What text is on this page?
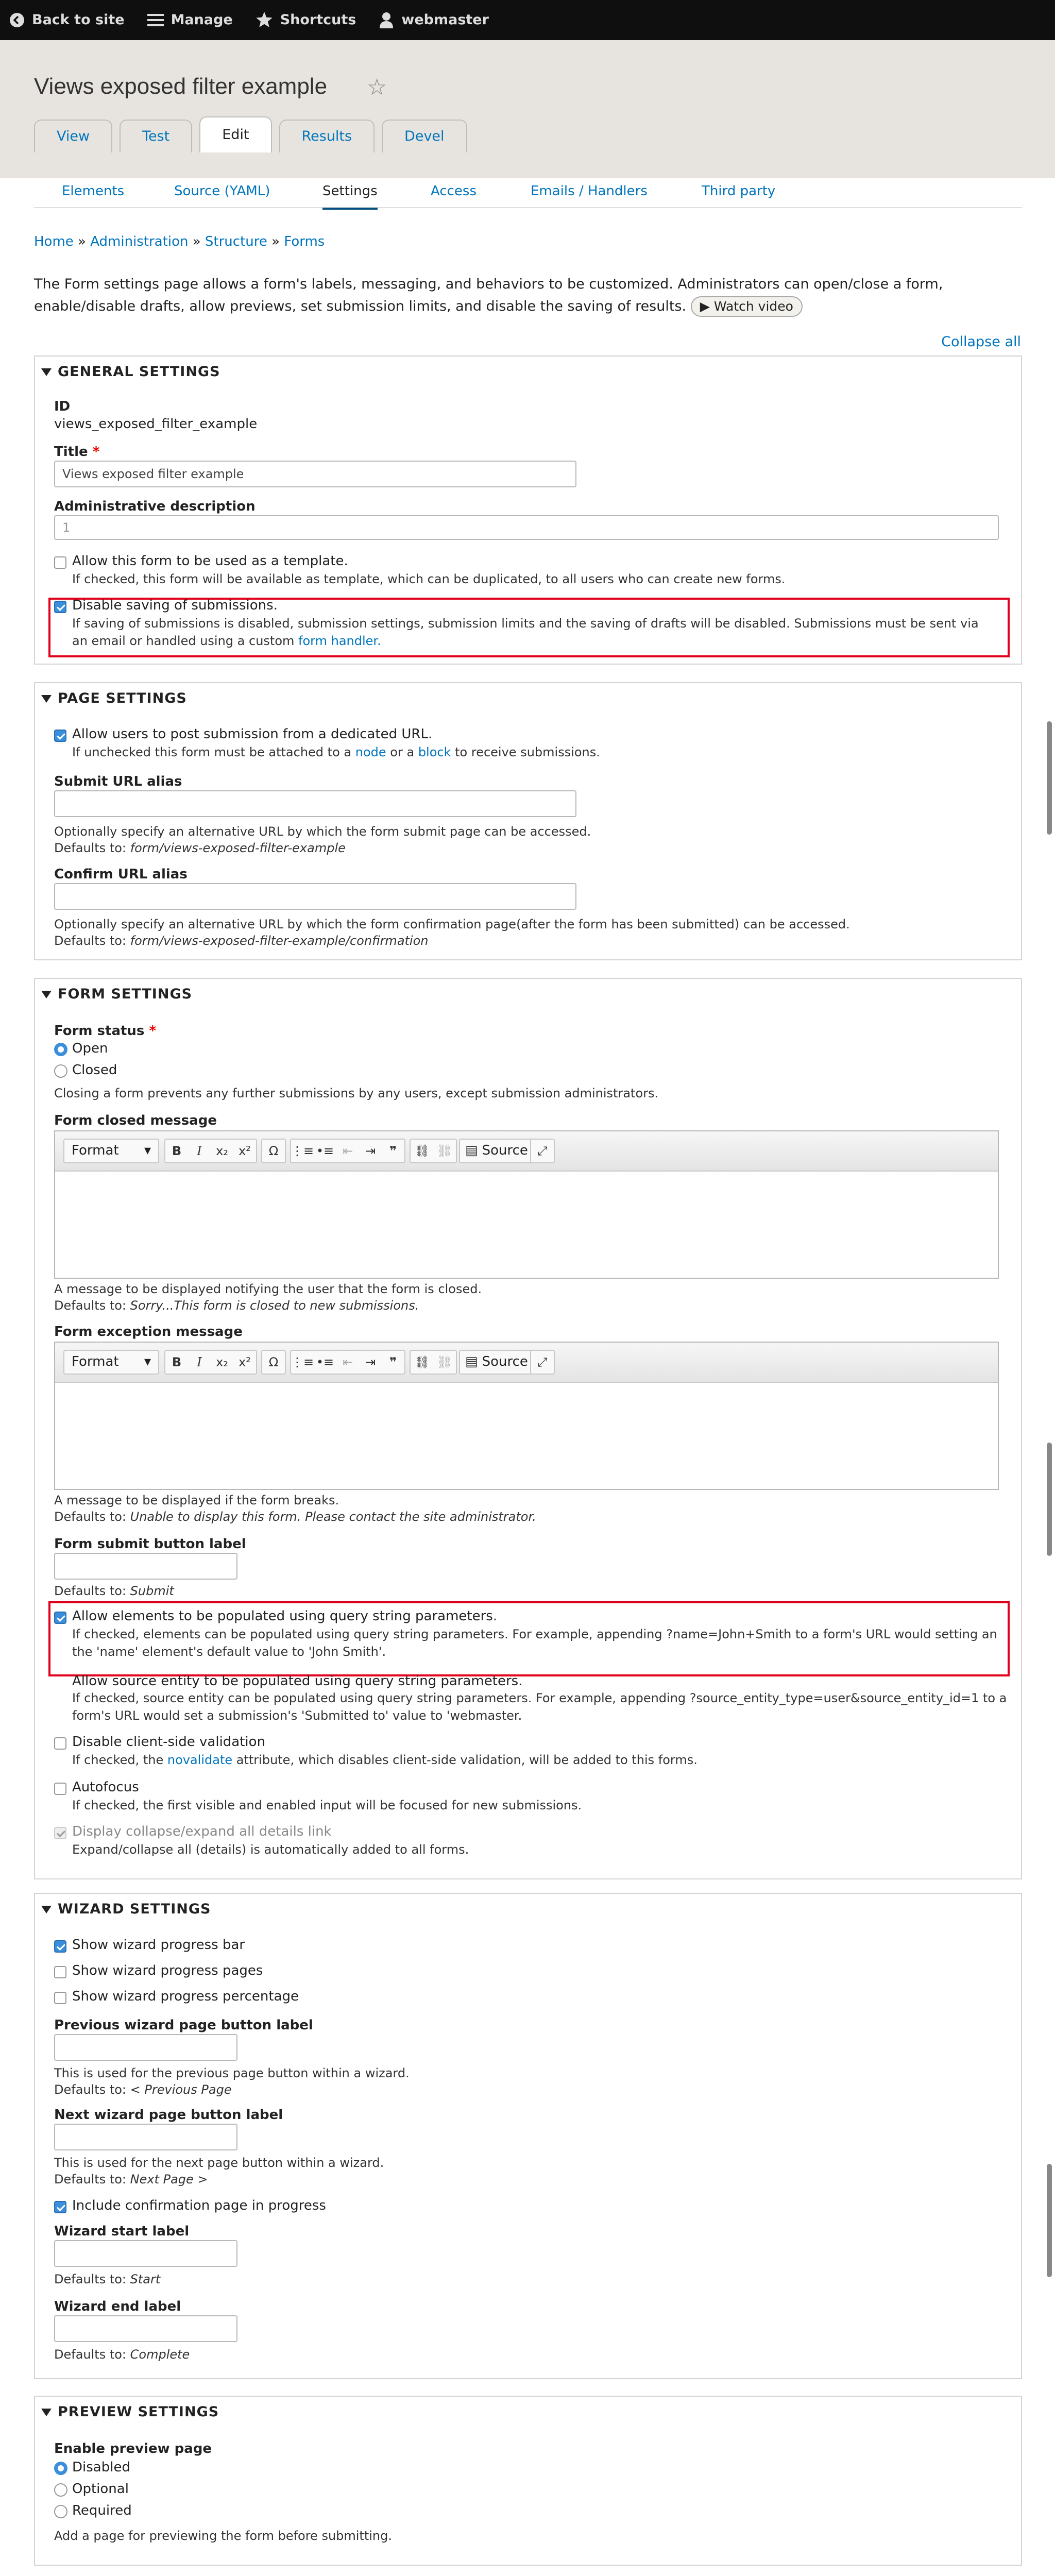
Back to site	Manage	Shortcuts	webmaster
Views exposed filter example ☆
View	Test	Edit	Results	Devel
Elements	Source (YAML)	Settings	Access	Emails / Handlers	Third party
Home » Administration » Structure » Forms
The Form settings page allows a form's labels, messaging, and behaviors to be customized. Administrators can open/close a form, enable/disable drafts, allow previews, set submission limits, and disable the saving of results. ▶ Watch video
Collapse all
GENERAL SETTINGS
ID
views_exposed_filter_example
Title *
Views exposed filter example
Administrative description
1
Allow this form to be used as a template.
If checked, this form will be available as template, which can be duplicated, to all users who can create new forms.
Disable saving of submissions.
If saving of submissions is disabled, submission settings, submission limits and the saving of drafts will be disabled. Submissions must be sent via
an email or handled using a custom form handler.
PAGE SETTINGS
Allow users to post submission from a dedicated URL.
If unchecked this form must be attached to a node or a block to receive submissions.
Submit URL alias
Optionally specify an alternative URL by which the form submit page can be accessed.
Defaults to: form/views-exposed-filter-example
Confirm URL alias
Optionally specify an alternative URL by which the form confirmation page(after the form has been submitted) can be accessed.
Defaults to: form/views-exposed-filter-example/confirmation
FORM SETTINGS
Form status *
Open
Closed
Closing a form prevents any further submissions by any users, except submission administrators.
Form closed message
Format ▾	B	I	x₂ x²	Ω	⋮≡ •≡ ⇤ ⇥	❞	⛓ ⛓ ▤ Source ⤢
A message to be displayed notifying the user that the form is closed.
Defaults to: Sorry...This form is closed to new submissions.
Form exception message
Format ▾	B	I	x₂ x²	Ω	⋮≡ •≡ ⇤ ⇥	❞	⛓ ⛓ ▤ Source ⤢
A message to be displayed if the form breaks.
Defaults to: Unable to display this form. Please contact the site administrator.
Form submit button label
Defaults to: Submit
Allow elements to be populated using query string parameters.
If checked, elements can be populated using query string parameters. For example, appending ?name=John+Smith to a form's URL would setting an
the 'name' element's default value to 'John Smith'.
Allow source entity to be populated using query string parameters.
If checked, source entity can be populated using query string parameters. For example, appending ?source_entity_type=user&source_entity_id=1 to a
form's URL would set a submission's 'Submitted to' value to 'webmaster.
Disable client-side validation
If checked, the novalidate attribute, which disables client-side validation, will be added to this forms.
Autofocus
If checked, the first visible and enabled input will be focused for new submissions.
Display collapse/expand all details link
Expand/collapse all (details) is automatically added to all forms.
WIZARD SETTINGS
Show wizard progress bar
Show wizard progress pages
Show wizard progress percentage
Previous wizard page button label
This is used for the previous page button within a wizard.
Defaults to: < Previous Page
Next wizard page button label
This is used for the next page button within a wizard.
Defaults to: Next Page >
Include confirmation page in progress
Wizard start label
Defaults to: Start
Wizard end label
Defaults to: Complete
PREVIEW SETTINGS
Enable preview page
Disabled
Optional
Required
Add a page for previewing the form before submitting.
